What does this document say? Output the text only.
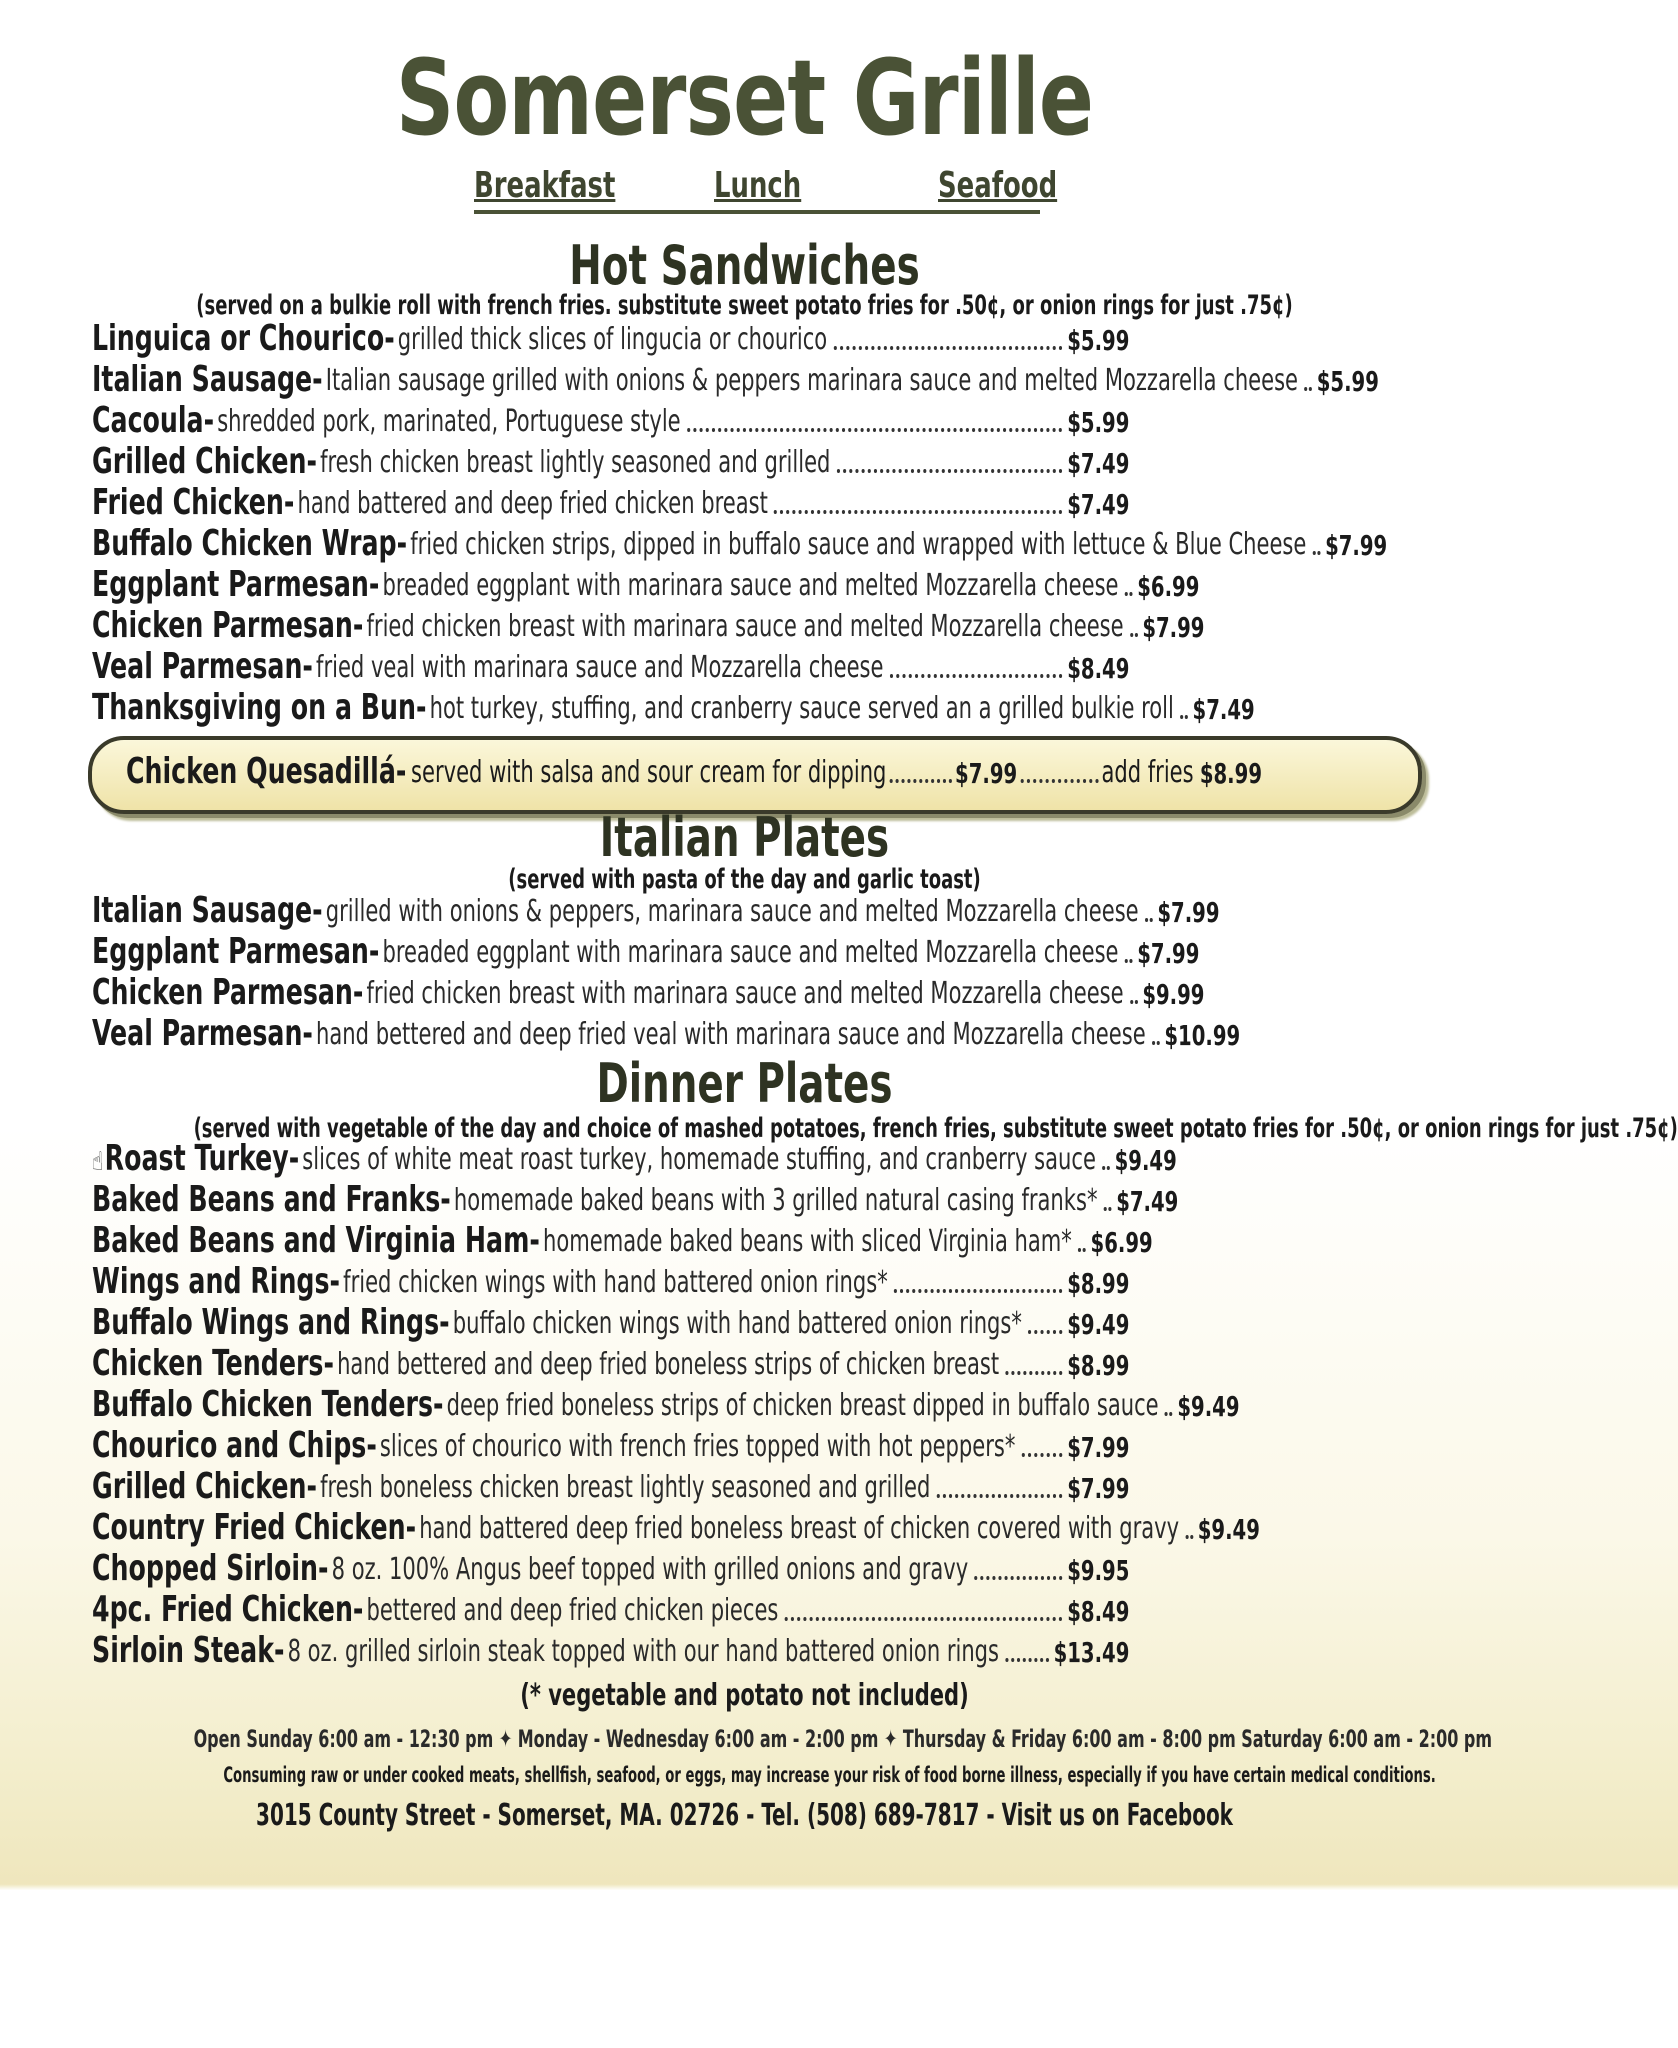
Somerset Grille
Breakfast	Lunch	Seafood
Hot Sandwiches
(served on a bulkie roll with french fries. substitute sweet potato fries for .50¢, or onion rings for just .75¢)
Linguica or Chourico- grilled thick slices of lingucia or chourico	$5.99
Italian Sausage- Italian sausage grilled with onions & peppers marinara sauce and melted Mozzarella cheese $5.99
Cacoula- shredded pork, marinated, Portuguese style	$5.99
Grilled Chicken- fresh chicken breast lightly seasoned and grilled	$7.49
Fried Chicken- hand battered and deep fried chicken breast	$7.49
Buffalo Chicken Wrap- fried chicken strips, dipped in buffalo sauce and wrapped with lettuce & Blue Cheese $7.99
Eggplant Parmesan- breaded eggplant with marinara sauce and melted Mozzarella cheese $6.99
Chicken Parmesan- fried chicken breast with marinara sauce and melted Mozzarella cheese $7.99
Veal Parmesan- fried veal with marinara sauce and Mozzarella cheese	$8.49
Thanksgiving on a Bun- hot turkey, stuffing, and cranberry sauce served an a grilled bulkie roll $7.49
Chicken Quesadillá- served with salsa and sour cream for dipping $7.99	add fries $8.99
Italian Plates
(served with pasta of the day and garlic toast)
Italian Sausage- grilled with onions & peppers, marinara sauce and melted Mozzarella cheese $7.99
Eggplant Parmesan- breaded eggplant with marinara sauce and melted Mozzarella cheese $7.99
Chicken Parmesan- fried chicken breast with marinara sauce and melted Mozzarella cheese $9.99
Veal Parmesan- hand bettered and deep fried veal with marinara sauce and Mozzarella cheese $10.99
Dinner Plates
(served with vegetable of the day and choice of mashed potatoes, french fries, substitute sweet potato fries for .50¢, or onion rings for just .75¢)
☝ Roast Turkey- slices of white meat roast turkey, homemade stuffing, and cranberry sauce $9.49
Baked Beans and Franks- homemade baked beans with 3 grilled natural casing franks* $7.49
Baked Beans and Virginia Ham- homemade baked beans with sliced Virginia ham* $6.99
Wings and Rings- fried chicken wings with hand battered onion rings*	$8.99
Buffalo Wings and Rings- buffalo chicken wings with hand battered onion rings* $9.49
Chicken Tenders- hand bettered and deep fried boneless strips of chicken breast $8.99
Buffalo Chicken Tenders- deep fried boneless strips of chicken breast dipped in buffalo sauce $9.49
Chourico and Chips- slices of chourico with french fries topped with hot peppers* $7.99
Grilled Chicken- fresh boneless chicken breast lightly seasoned and grilled	$7.99
Country Fried Chicken- hand battered deep fried boneless breast of chicken covered with gravy $9.49
Chopped Sirloin- 8 oz. 100% Angus beef topped with grilled onions and gravy	$9.95
4pc. Fried Chicken- bettered and deep fried chicken pieces	$8.49
Sirloin Steak- 8 oz. grilled sirloin steak topped with our hand battered onion rings $13.49
(* vegetable and potato not included)
Open Sunday 6:00 am - 12:30 pm ✦ Monday - Wednesday 6:00 am - 2:00 pm ✦ Thursday & Friday 6:00 am - 8:00 pm Saturday 6:00 am - 2:00 pm
Consuming raw or under cooked meats, shellfish, seafood, or eggs, may increase your risk of food borne illness, especially if you have certain medical conditions.
3015 County Street - Somerset, MA. 02726 - Tel. (508) 689-7817 - Visit us on Facebook
